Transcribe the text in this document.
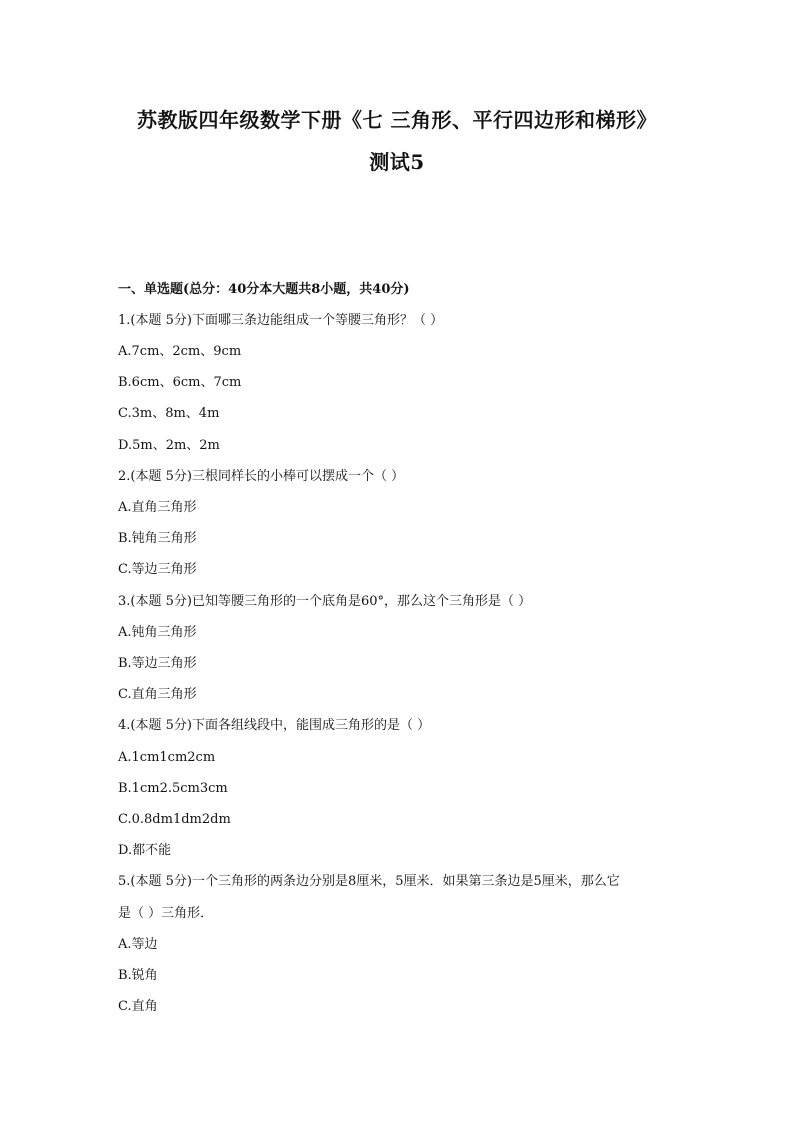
苏教版四年级数学下册《七 三角形、平行四边形和梯形》
测试5
一、单选题(总分：40分本大题共8小题，共40分)
1.(本题 5分)下面哪三条边能组成一个等腰三角形？（ ）
A.7cm、2cm、9cm
B.6cm、6cm、7cm
C.3m、8m、4m
D.5m、2m、2m
2.(本题 5分)三根同样长的小棒可以摆成一个（ ）
A.直角三角形
B.钝角三角形
C.等边三角形
3.(本题 5分)已知等腰三角形的一个底角是60°，那么这个三角形是（ ）
A.钝角三角形
B.等边三角形
C.直角三角形
4.(本题 5分)下面各组线段中，能围成三角形的是（ ）
A.1cm1cm2cm
B.1cm2.5cm3cm
C.0.8dm1dm2dm
D.都不能
5.(本题 5分)一个三角形的两条边分别是8厘米，5厘米．如果第三条边是5厘米，那么它
是（ ）三角形．
A.等边
B.锐角
C.直角
